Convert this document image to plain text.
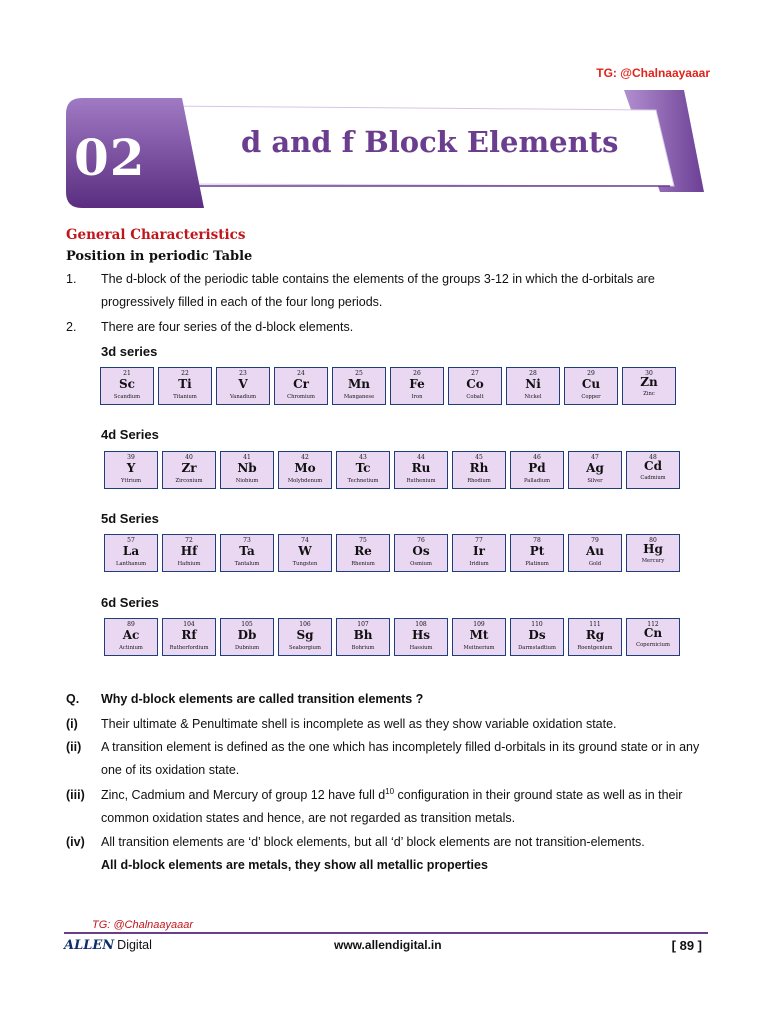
TG: @Chalnaayaaar
02	d and f Block Elements
General Characteristics
Position in periodic Table
1. The d-block of the periodic table contains the elements of the groups 3-12 in which the d-orbitals are progressively filled in each of the four long periods.
2. There are four series of the d-block elements.
3d series
4d Series
5d Series
6d Series
21
Sc
Scandium
22
Ti
Titanium
23
V
Vanadium
24
Cr
Chromium
25
Mn
Manganese
26
Fe
Iron
27
Co
Cobalt
28
Ni
Nickel
29
Cu
Copper
30
Zn
Zinc
39
Y
Yttrium
40
Zr
Zirconium
41
Nb
Niobium
42
Mo
Molybdenum
43
Tc
Technetium
44
Ru
Ruthenium
45
Rh
Rhodium
46
Pd
Palladium
47
Ag
Silver
48
Cd
Cadmium
57
La
Lanthanum
72
Hf
Hafnium
73
Ta
Tantalum
74
W
Tungsten
75
Re
Rhenium
76
Os
Osmium
77
Ir
Iridium
78
Pt
Platinum
79
Au
Gold
80
Hg
Mercury
89
Ac
Actinium
104
Rf
Rutherfordium
105
Db
Dubnium
106
Sg
Seaborgium
107
Bh
Bohrium
108
Hs
Hassium
109
Mt
Meitnerium
110
Ds
Darmstadtium
111
Rg
Roentgenium
112
Cn
Copernicium
Q. Why d-block elements are called transition elements ?
(i) Their ultimate & Penultimate shell is incomplete as well as they show variable oxidation state.
(ii) A transition element is defined as the one which has incompletely filled d-orbitals in its ground state or in any one of its oxidation state.
(iii) Zinc, Cadmium and Mercury of group 12 have full $d^{10}$ configuration in their ground state as well as in their common oxidation states and hence, are not regarded as transition metals.
(iv) All transition elements are ‘d’ block elements, but all ‘d’ block elements are not transition-elements.
All d-block elements are metals, they show all metallic properties
TG: @Chalnaayaaar
ALLEN Digital	www.allendigital.in	[ 89 ]
